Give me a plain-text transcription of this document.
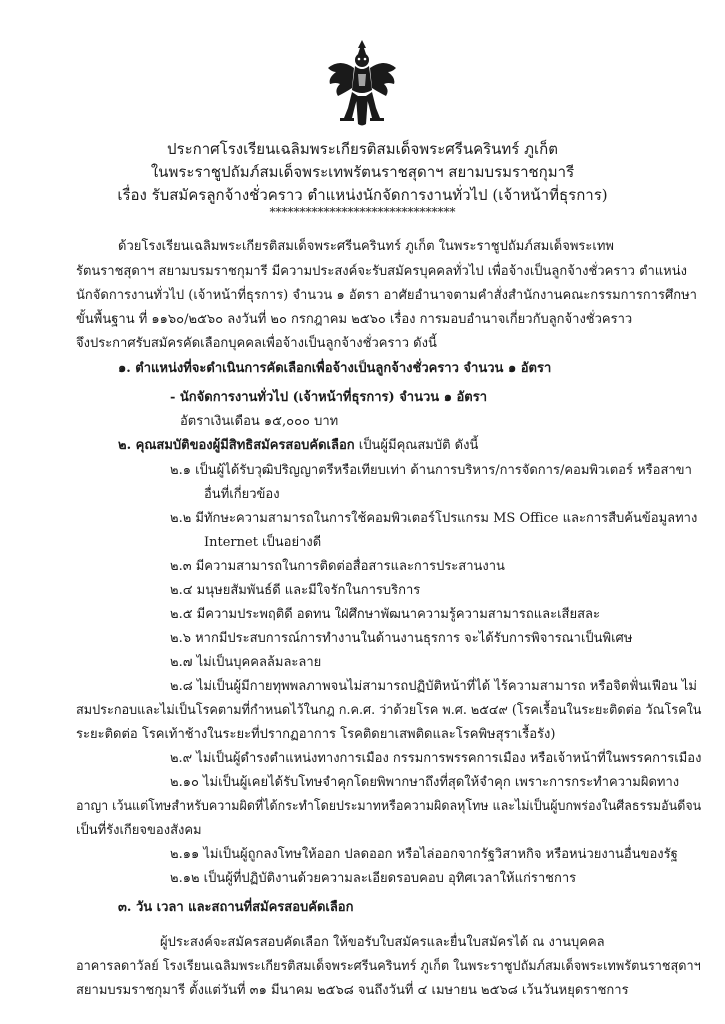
ประกาศโรงเรียนเฉลิมพระเกียรติสมเด็จพระศรีนครินทร์ ภูเก็ต
ในพระราชูปถัมภ์สมเด็จพระเทพรัตนราชสุดาฯ สยามบรมราชกุมารี
เรื่อง รับสมัครลูกจ้างชั่วคราว ตำแหน่งนักจัดการงานทั่วไป (เจ้าหน้าที่ธุรการ)
*******************************
ด้วยโรงเรียนเฉลิมพระเกียรติสมเด็จพระศรีนครินทร์ ภูเก็ต ในพระราชูปถัมภ์สมเด็จพระเทพ
รัตนราชสุดาฯ สยามบรมราชกุมารี มีความประสงค์จะรับสมัครบุคคลทั่วไป เพื่อจ้างเป็นลูกจ้างชั่วคราว ตำแหน่ง
นักจัดการงานทั่วไป (เจ้าหน้าที่ธุรการ) จำนวน ๑ อัตรา อาศัยอำนาจตามคำสั่งสำนักงานคณะกรรมการการศึกษา
ขั้นพื้นฐาน ที่ ๑๑๖๐/๒๕๖๐ ลงวันที่ ๒๐ กรกฎาคม ๒๕๖๐ เรื่อง การมอบอำนาจเกี่ยวกับลูกจ้างชั่วคราว
จึงประกาศรับสมัครคัดเลือกบุคคลเพื่อจ้างเป็นลูกจ้างชั่วคราว ดังนี้
๑. ตำแหน่งที่จะดำเนินการคัดเลือกเพื่อจ้างเป็นลูกจ้างชั่วคราว จำนวน ๑ อัตรา
- นักจัดการงานทั่วไป (เจ้าหน้าที่ธุรการ) จำนวน ๑ อัตรา
อัตราเงินเดือน ๑๕,๐๐๐ บาท
๒. คุณสมบัติของผู้มีสิทธิสมัครสอบคัดเลือก เป็นผู้มีคุณสมบัติ ดังนี้
๒.๑ เป็นผู้ได้รับวุฒิปริญญาตรีหรือเทียบเท่า ด้านการบริหาร/การจัดการ/คอมพิวเตอร์ หรือสาขา
อื่นที่เกี่ยวข้อง
๒.๒ มีทักษะความสามารถในการใช้คอมพิวเตอร์โปรแกรม MS Office และการสืบค้นข้อมูลทาง
Internet เป็นอย่างดี
๒.๓ มีความสามารถในการติดต่อสื่อสารและการประสานงาน
๒.๔ มนุษยสัมพันธ์ดี และมีใจรักในการบริการ
๒.๕ มีความประพฤติดี อดทน ใฝ่ศึกษาพัฒนาความรู้ความสามารถและเสียสละ
๒.๖ หากมีประสบการณ์การทำงานในด้านงานธุรการ จะได้รับการพิจารณาเป็นพิเศษ
๒.๗ ไม่เป็นบุคคลล้มละลาย
๒.๘ ไม่เป็นผู้มีกายทุพพลภาพจนไม่สามารถปฏิบัติหน้าที่ได้ ไร้ความสามารถ หรือจิตฟั่นเฟือน ไม่
สมประกอบและไม่เป็นโรคตามที่กำหนดไว้ในกฎ ก.ค.ศ. ว่าด้วยโรค พ.ศ. ๒๕๔๙ (โรคเรื้อนในระยะติดต่อ วัณโรคใน
ระยะติดต่อ โรคเท้าช้างในระยะที่ปรากฏอาการ โรคติดยาเสพติดและโรคพิษสุราเรื้อรัง)
๒.๙ ไม่เป็นผู้ดำรงตำแหน่งทางการเมือง กรรมการพรรคการเมือง หรือเจ้าหน้าที่ในพรรคการเมือง
๒.๑๐ ไม่เป็นผู้เคยได้รับโทษจำคุกโดยพิพากษาถึงที่สุดให้จำคุก เพราะการกระทำความผิดทาง
อาญา เว้นแต่โทษสำหรับความผิดที่ได้กระทำโดยประมาทหรือความผิดลหุโทษ และไม่เป็นผู้บกพร่องในศีลธรรมอันดีจน
เป็นที่รังเกียจของสังคม
๒.๑๑ ไม่เป็นผู้ถูกลงโทษให้ออก ปลดออก หรือไล่ออกจากรัฐวิสาหกิจ หรือหน่วยงานอื่นของรัฐ
๒.๑๒ เป็นผู้ที่ปฏิบัติงานด้วยความละเอียดรอบคอบ อุทิศเวลาให้แก่ราชการ
๓. วัน เวลา และสถานที่สมัครสอบคัดเลือก
ผู้ประสงค์จะสมัครสอบคัดเลือก ให้ขอรับใบสมัครและยื่นใบสมัครได้ ณ งานบุคคล
อาคารลดาวัลย์ โรงเรียนเฉลิมพระเกียรติสมเด็จพระศรีนครินทร์ ภูเก็ต ในพระราชูปถัมภ์สมเด็จพระเทพรัตนราชสุดาฯ
สยามบรมราชกุมารี ตั้งแต่วันที่ ๓๑ มีนาคม ๒๕๖๘ จนถึงวันที่ ๔ เมษายน ๒๕๖๘ เว้นวันหยุดราชการ
